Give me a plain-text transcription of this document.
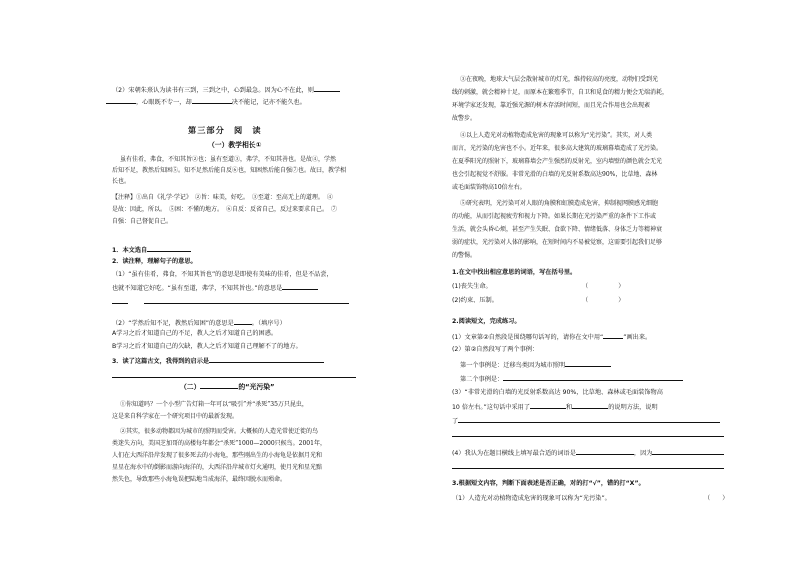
（2）宋朝朱熹认为读书有三到，三到之中，心到最急。因为心不在此，则
，心眼既不专一，却	决不能记，记亦不能久也。
第三部分　阅　读
（一）教学相长①
虽有佳肴，弗食，不知其旨②也；虽有至道③，弗学，不知其善也。是故④，学然
后知不足，教然后知困⑤。知不足然后能自反⑥也，知困然后能自强⑦也。故曰，教学相
长也。
【注释】①出自《礼学·学记》　②旨：味美，好吃。　③至道：至高无上的道理。　④
是故：因此，所以。　⑤困：不懂的地方。　⑥自反：反省自己，反过来要求自己。　⑦
自强：自己督促自己。
1．本文选自
2．读注释，理解句子的意思。
（1）“虽有佳肴，弗食，不知其旨也”的意思是即使有美味的佳肴，但是不品尝，
也就不知道它好吃。“虽有至道，弗学，不知其旨也。”的意思是

（2）“学然后知不足，教然后知困”的意思是	。（填序号）
A学习之后才知道自己的不足，教人之后才知道自己的困惑。
B学习之后才知道自己的欠缺，教人之后才知道自己理解不了的地方。
3．读了这篇古文，我得到的启示是
（二）	的“光污染”
①你知道吗？一个小型广告灯箱一年可以“吸引”并“杀死”35万只昆虫，
这是来自科学家在一个研究项目中的最新发现。
②其实，很多动物都因为城市的照明而受害。大概候的人造光常使迁徙的鸟
类迷失方向，美国芝加哥的高楼每年都会“杀死”1000—2000只候鸟。2001年，
人们在大西洋沿岸发现了很多死去的小海龟，那些刚出生的小海龟是依据月光和
星星在海水中的倒影而游向海洋的，大西洋沿岸城市灯火通明，使月光和星光黯
然失色，导致那些小海龟误把陆地当成海洋，最终因脱水而殒命。
③在夜晚，地球大气层会散射城市的灯光，维持较高的亮度，动物们受到光
线的刺激，就会精神十足，而原本在繁殖季节，自卫和觅食的精力便会无端消耗，
环境学家还发现，靠近强光源的树木存活时间短，而且光合作用也会出现紊
故警步。
④以上人造光对动植物造成危害的现象可以称为“光污染”。其实，对人类
而言，光污染的危害也不小。近年来，很多高大建筑的玻璃幕墙造成了光污染。
在夏季阳光的照射下，玻璃幕墙会产生强烈的反射光，室内墙壁的颜色就会无光
也会引起视觉不舒服。非常光滑的白墙的光反射系数高达90%，比草地、森林
或毛面装饰物高10倍左右。
⑤研究表明，光污染可对人眼的角膜和虹膜造成危害，抑制视网膜感光细胞
的功能，从而引起视疲劳和视力下降。如果长期在光污染严重的条件下工作或
生活，就会头昏心烦，甚至产生失眠、食欲下降、情绪低落、身体乏力等精神衰
弱的症状，光污染对人体的影响，在短时间内不易被觉察，这需要引起我们足够
的警惕。
1.在文中找出相应意思的词语，写在括号里。
(1)丧失生命。	（	）
(2)约束、压制。	（	）
2.阅读短文，完成练习。
(1）文章第②自然段是围绕哪句话写的，请你在文中用“	”画出来。
(2）第②自然段写了两个事例：
第一个事例是：迁移鸟类因为城市照明
第二个事例是：
(3）“非常光滑的白墙的光反射系数高达 90%，比草地、森林或毛面装饰物高
10 倍左右。”这句话中采用了	和	的说明方法，说明
了
(4）我认为在题目横线上填写最合适的词语是	，因为
3.根据短文内容，判断下面表述是否正确，对的打“√”，错的打“X”。
（1）人造光对动植物造成危害的现象可以称为“光污染”。	（ ）
